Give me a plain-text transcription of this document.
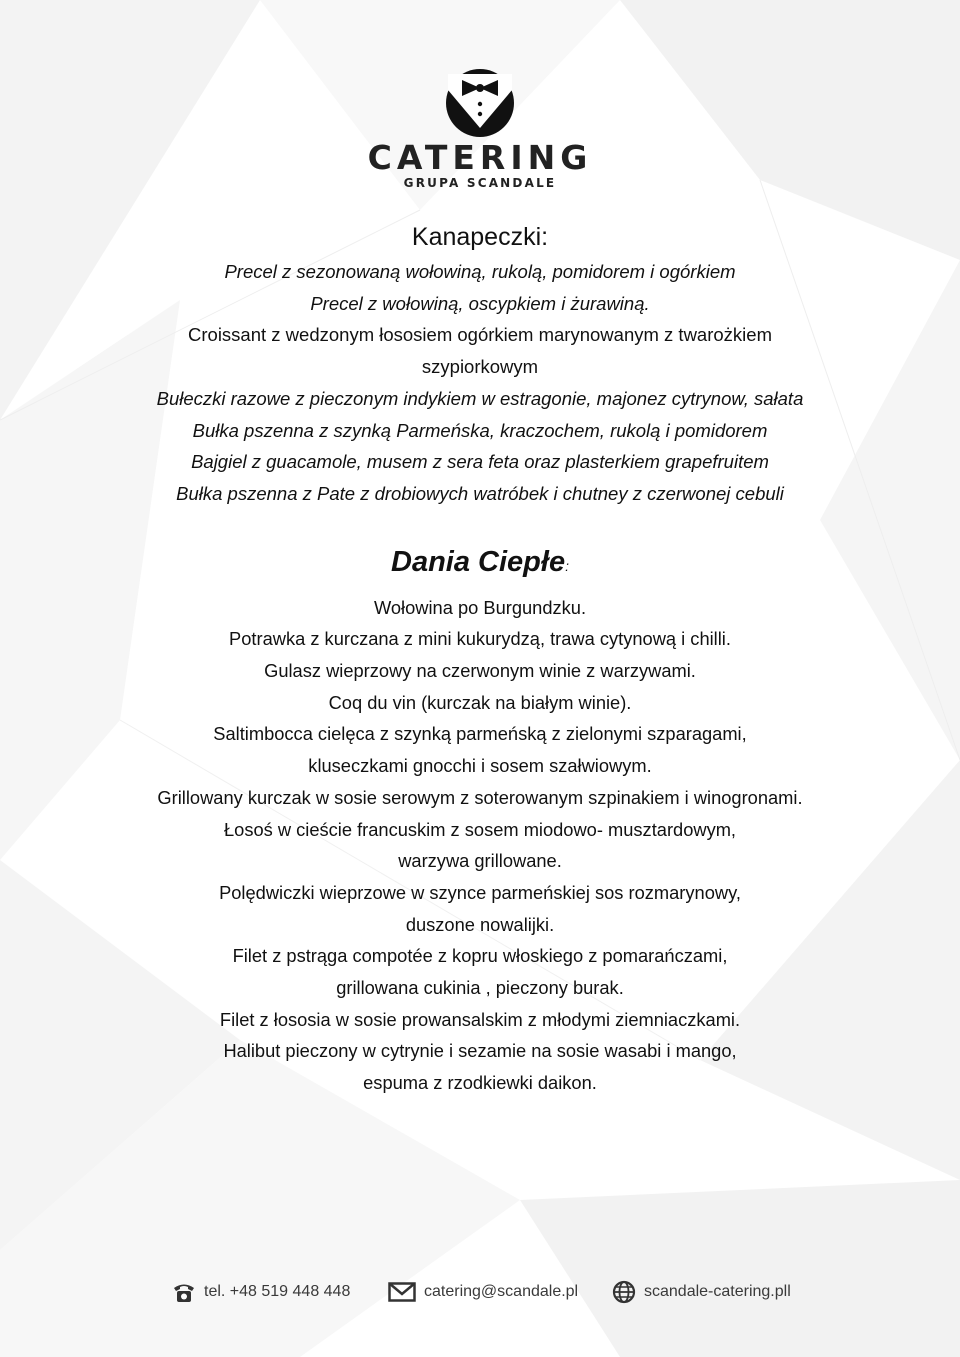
CATERING
GRUPA SCANDALE
Kanapeczki:

Precel z sezonowaną wołowiną, rukolą, pomidorem i ogórkiem

Precel z wołowiną, oscypkiem i żurawiną.

Croissant z wedzonym łososiem ogórkiem marynowanym z twarożkiem

szypiorkowym

Bułeczki razowe z pieczonym indykiem w estragonie, majonez cytrynow, sałata

Bułka pszenna z szynką Parmeńska, kraczochem, rukolą i pomidorem

Bajgiel z guacamole, musem z sera feta oraz plasterkiem grapefruitem

Bułka pszenna z Pate z drobiowych watróbek i chutney z czerwonej cebuli

Dania Ciepłe:

Wołowina po Burgundzku.

Potrawka z kurczana z mini kukurydzą, trawa cytynową i chilli.

Gulasz wieprzowy na czerwonym winie z warzywami.

Coq du vin (kurczak na białym winie).

Saltimbocca cielęca z szynką parmeńską z zielonymi szparagami,

kluseczkami gnocchi i sosem szałwiowym.

Grillowany kurczak w sosie serowym z soterowanym szpinakiem i winogronami.

Łosoś w cieście francuskim z sosem miodowo- musztardowym,

warzywa grillowane.

Polędwiczki wieprzowe w szynce parmeńskiej sos rozmarynowy,

duszone nowalijki.

Filet z pstrąga compotée z kopru włoskiego z pomarańczami,

grillowana cukinia , pieczony burak.

Filet z łososia w sosie prowansalskim z młodymi ziemniaczkami.

Halibut pieczony w cytrynie i sezamie na sosie wasabi i mango,

espuma z rzodkiewki daikon.

tel. +48 519 448 448	catering@scandale.pl	scandale-catering.pll
